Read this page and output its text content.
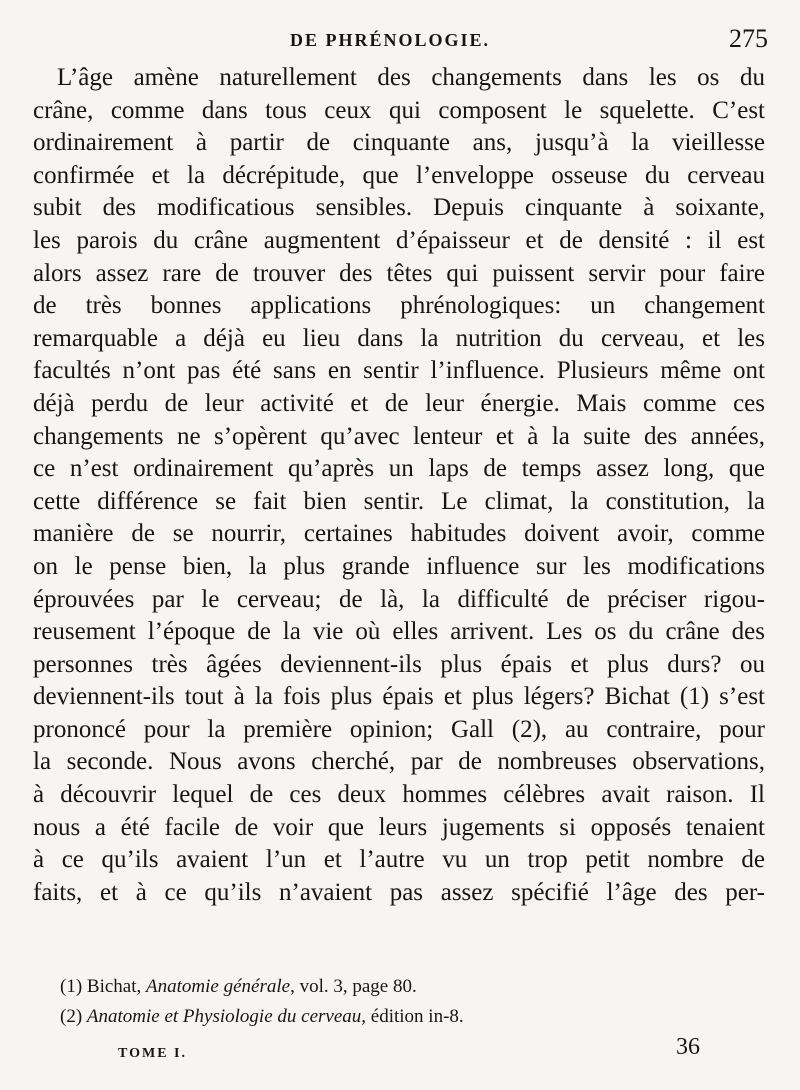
DE PHRÉNOLOGIE.	275
L’âge amène naturellement des changements dans les os du
crâne, comme dans tous ceux qui composent le squelette. C’est
ordinairement à partir de cinquante ans, jusqu’à la vieillesse
confirmée et la décrépitude, que l’enveloppe osseuse du cerveau
subit des modificatious sensibles. Depuis cinquante à soixante,
les parois du crâne augmentent d’épaisseur et de densité : il est
alors assez rare de trouver des têtes qui puissent servir pour faire
de très bonnes applications phrénologiques: un changement
remarquable a déjà eu lieu dans la nutrition du cerveau, et les
facultés n’ont pas été sans en sentir l’influence. Plusieurs même ont
déjà perdu de leur activité et de leur énergie. Mais comme ces
changements ne s’opèrent qu’avec lenteur et à la suite des années,
ce n’est ordinairement qu’après un laps de temps assez long, que
cette différence se fait bien sentir. Le climat, la constitution, la
manière de se nourrir, certaines habitudes doivent avoir, comme
on le pense bien, la plus grande influence sur les modifications
éprouvées par le cerveau; de là, la difficulté de préciser rigou-
reusement l’époque de la vie où elles arrivent. Les os du crâne des
personnes très âgées deviennent-ils plus épais et plus durs? ou
deviennent-ils tout à la fois plus épais et plus légers? Bichat (1) s’est
prononcé pour la première opinion; Gall (2), au contraire, pour
la seconde. Nous avons cherché, par de nombreuses observations,
à découvrir lequel de ces deux hommes célèbres avait raison. Il
nous a été facile de voir que leurs jugements si opposés tenaient
à ce qu’ils avaient l’un et l’autre vu un trop petit nombre de
faits, et à ce qu’ils n’avaient pas assez spécifié l’âge des per-
(1) Bichat, Anatomie générale, vol. 3, page 80.
(2) Anatomie et Physiologie du cerveau, édition in-8.
TOME I.	36
